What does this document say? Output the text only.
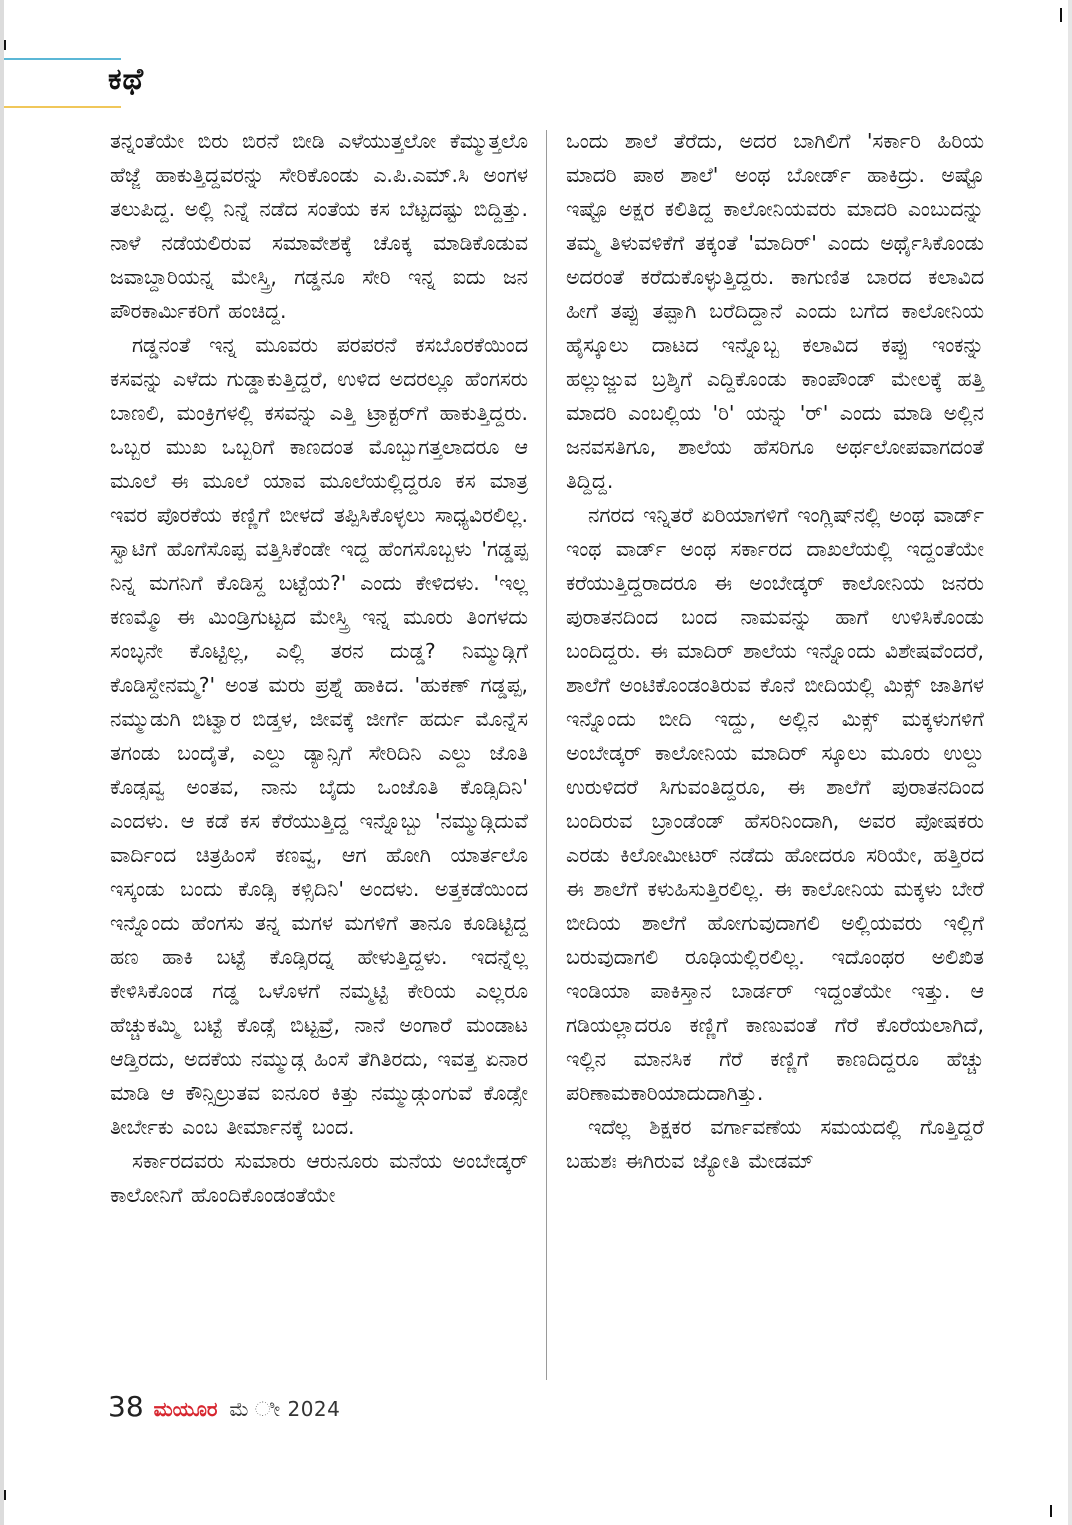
ಕಥೆ

ತನ್ನಂತೆಯೇ ಬಿರು ಬಿರನೆ ಬೀಡಿ ಎಳೆಯುತ್ತಲೋ ಕೆಮ್ಮುತ್ತಲೊ ಹೆಜ್ಜೆ ಹಾಕುತ್ತಿದ್ದವರನ್ನು ಸೇರಿಕೊಂಡು ಎ.ಪಿ.ಎಮ್.ಸಿ ಅಂಗಳ ತಲುಪಿದ್ದ. ಅಲ್ಲಿ ನಿನ್ನೆ ನಡೆದ ಸಂತೆಯ ಕಸ ಬೆಟ್ಟದಷ್ಟು ಬಿದ್ದಿತ್ತು. ನಾಳೆ ನಡೆಯಲಿರುವ ಸಮಾವೇಶಕ್ಕೆ ಚೊಕ್ಕ ಮಾಡಿಕೊಡುವ ಜವಾಬ್ದಾರಿಯನ್ನ ಮೇಸ್ತ್ರಿ, ಗಡ್ಡನೂ ಸೇರಿ ಇನ್ನ ಐದು ಜನ ಪೌರಕಾರ್ಮಿಕರಿಗೆ ಹಂಚಿದ್ದ.

ಗಡ್ಡನಂತೆ ಇನ್ನ ಮೂವರು ಪರಪರನೆ ಕಸಬೊರಕೆಯಿಂದ ಕಸವನ್ನು ಎಳೆದು ಗುಡ್ಡಾಕುತ್ತಿದ್ದರೆ, ಉಳಿದ ಅದರಲ್ಲೂ ಹೆಂಗಸರು ಬಾಣಲಿ, ಮಂಕ್ರಿಗಳಲ್ಲಿ ಕಸವನ್ನು ಎತ್ತಿ ಟ್ರಾಕ್ಟರ್‌ಗೆ ಹಾಕುತ್ತಿದ್ದರು. ಒಬ್ಬರ ಮುಖ ಒಬ್ಬರಿಗೆ ಕಾಣದಂತ ಮೊಬ್ಬುಗತ್ತಲಾದರೂ ಆ ಮೂಲೆ ಈ ಮೂಲೆ ಯಾವ ಮೂಲೆಯಲ್ಲಿದ್ದರೂ ಕಸ ಮಾತ್ರ ಇವರ ಪೊರಕೆಯ ಕಣ್ಣಿಗೆ ಬೀಳದೆ ತಪ್ಪಿಸಿಕೊಳ್ಳಲು ಸಾಧ್ಯವಿರಲಿಲ್ಲ. ಸ್ವಾಟಿಗೆ ಹೊಗೆಸೊಪ್ಪ ವತ್ತಿಸಿಕೆಂಡೇ ಇದ್ದ ಹೆಂಗಸೊಬ್ಬಳು 'ಗಡ್ಡಪ್ಪ ನಿನ್ನ ಮಗನಿಗೆ ಕೊಡಿಸ್ದ ಬಟ್ಟೆಯ?' ಎಂದು ಕೇಳಿದಳು. 'ಇಲ್ಲ ಕಣಮ್ಮೊ ಈ ಮಿಂಡ್ರಿಗುಟ್ಟದ ಮೇಸ್ತ್ರಿ ಇನ್ನ ಮೂರು ತಿಂಗಳದು ಸಂಬ್ಳನೇ ಕೊಟ್ಟಿಲ್ಲ, ಎಲ್ಲಿ ತರನ ದುಡ್ಡ? ನಿಮ್ಮುಡ್ಗಿಗೆ ಕೊಡಿಸ್ದೇನಮ್ಮ?' ಅಂತ ಮರು ಪ್ರಶ್ನೆ ಹಾಕಿದ. 'ಹುಕಣ್ ಗಡ್ಡಪ್ಪ, ನಮ್ಮುಡುಗಿ ಬಿಟ್ವಾರ ಬಿಡ್ತಳ, ಜೀವಕ್ಕೆ ಜೀರ್ಗೆ ಹರ್ದು ಮೊನ್ನೆಸ ತಗಂಡು ಬಂದೈತೆ, ಎಲ್ದು ಡ್ಯಾನ್ಸಿಗೆ ಸೇರಿದಿನಿ ಎಲ್ದು ಜೊತಿ ಕೊಡ್ಸವ್ವ ಅಂತವ, ನಾನು ಬೈದು ಒಂಜೊತಿ ಕೊಡ್ಸಿದಿನಿ' ಎಂದಳು. ಆ ಕಡೆ ಕಸ ಕೆರೆಯುತ್ತಿದ್ದ ಇನ್ನೊಬ್ಬು 'ನಮ್ಮುಡ್ಗಿದುವೆ ವಾರ್ದಿಂದ ಚಿತ್ರಹಿಂಸೆ ಕಣವ್ವ, ಆಗ ಹೋಗಿ ಯಾರ್ತಲೊ ಇಸ್ಕಂಡು ಬಂದು ಕೊಡ್ಸಿ ಕಳ್ಸಿದಿನಿ' ಅಂದಳು. ಅತ್ತಕಡೆಯಿಂದ ಇನ್ನೊಂದು ಹೆಂಗಸು ತನ್ನ ಮಗಳ ಮಗಳಿಗೆ ತಾನೂ ಕೂಡಿಟ್ಟಿದ್ದ ಹಣ ಹಾಕಿ ಬಟ್ಟೆ ಕೊಡ್ಸಿರದ್ನ ಹೇಳುತ್ತಿದ್ದಳು. ಇದನ್ನೆಲ್ಲ ಕೇಳಿಸಿಕೊಂಡ ಗಡ್ಡ ಒಳೊಳಗೆ ನಮ್ಮಟ್ಟಿ ಕೇರಿಯ ಎಲ್ಲರೂ ಹೆಚ್ಚುಕಮ್ಮಿ ಬಟ್ಟೆ ಕೊಡ್ಸೆ ಬಿಟ್ಟವ್ರೆ, ನಾನೆ ಅಂಗಾರೆ ಮಂಡಾಟ ಆಡ್ತಿರದು, ಅದಕೆಯ ನಮ್ಮುಡ್ಗ ಹಿಂಸೆ ತೆಗಿತಿರದು, ಇವತ್ತ ಏನಾರ ಮಾಡಿ ಆ ಕೌನ್ಸಿಲ್ರುತವ ಐನೂರ ಕಿತ್ತು ನಮ್ಮುಡ್ಗುಂಗುವೆ ಕೊಡ್ಸೇ ತೀರ್ಬೇಕು ಎಂಬ ತೀರ್ಮಾನಕ್ಕೆ ಬಂದ.

ಸರ್ಕಾರದವರು ಸುಮಾರು ಆರುನೂರು ಮನೆಯ ಅಂಬೇಡ್ಕರ್ ಕಾಲೋನಿಗೆ ಹೊಂದಿಕೊಂಡಂತೆಯೇ

ಒಂದು ಶಾಲೆ ತೆರೆದು, ಅದರ ಬಾಗಿಲಿಗೆ 'ಸರ್ಕಾರಿ ಹಿರಿಯ ಮಾದರಿ ಪಾಠ ಶಾಲೆ' ಅಂಥ ಬೋರ್ಡ್ ಹಾಕಿದ್ರು. ಅಷ್ಟೊ ಇಷ್ಟೊ ಅಕ್ಷರ ಕಲಿತಿದ್ದ ಕಾಲೋನಿಯವರು ಮಾದರಿ ಎಂಬುದನ್ನು ತಮ್ಮ ತಿಳುವಳಿಕೆಗೆ ತಕ್ಕಂತೆ 'ಮಾದಿರ್' ಎಂದು ಅರ್ಥೈಸಿಕೊಂಡು ಅದರಂತೆ ಕರೆದುಕೊಳ್ಳುತ್ತಿದ್ದರು. ಕಾಗುಣಿತ ಬಾರದ ಕಲಾವಿದ ಹೀಗೆ ತಪ್ಪು ತಪ್ಪಾಗಿ ಬರೆದಿದ್ದಾನೆ ಎಂದು ಬಗೆದ ಕಾಲೋನಿಯ ಹೈಸ್ಕೂಲು ದಾಟದ ಇನ್ನೊಬ್ಬ ಕಲಾವಿದ ಕಪ್ಪು ಇಂಕನ್ನು ಹಲ್ಲುಜ್ಜುವ ಬ್ರಶ್ಶಿಗೆ ಎದ್ದಿಕೊಂಡು ಕಾಂಪೌಂಡ್ ಮೇಲಕ್ಕೆ ಹತ್ತಿ ಮಾದರಿ ಎಂಬಲ್ಲಿಯ 'ರಿ' ಯನ್ನು 'ರ್' ಎಂದು ಮಾಡಿ ಅಲ್ಲಿನ ಜನವಸತಿಗೂ, ಶಾಲೆಯ ಹೆಸರಿಗೂ ಅರ್ಥಲೋಪವಾಗದಂತೆ ತಿದ್ದಿದ್ದ.

ನಗರದ ಇನ್ನಿತರೆ ಏರಿಯಾಗಳಿಗೆ ಇಂಗ್ಲಿಷ್‌ನಲ್ಲಿ ಅಂಥ ವಾರ್ಡ್ ಇಂಥ ವಾರ್ಡ್ ಅಂಥ ಸರ್ಕಾರದ ದಾಖಲೆಯಲ್ಲಿ ಇದ್ದಂತೆಯೇ ಕರೆಯುತ್ತಿದ್ದರಾದರೂ ಈ ಅಂಬೇಡ್ಕರ್ ಕಾಲೋನಿಯ ಜನರು ಪುರಾತನದಿಂದ ಬಂದ ನಾಮವನ್ನು ಹಾಗೆ ಉಳಿಸಿಕೊಂಡು ಬಂದಿದ್ದರು. ಈ ಮಾದಿರ್ ಶಾಲೆಯ ಇನ್ನೊಂದು ವಿಶೇಷವೆಂದರೆ, ಶಾಲೆಗೆ ಅಂಟಿಕೊಂಡಂತಿರುವ ಕೊನೆ ಬೀದಿಯಲ್ಲಿ ಮಿಕ್ಸ್ ಜಾತಿಗಳ ಇನ್ನೊಂದು ಬೀದಿ ಇದ್ದು, ಅಲ್ಲಿನ ಮಿಕ್ಸ್ ಮಕ್ಕಳುಗಳಿಗೆ ಅಂಬೇಡ್ಕರ್ ಕಾಲೋನಿಯ ಮಾದಿರ್ ಸ್ಕೂಲು ಮೂರು ಉಲ್ದು ಉರುಳಿದರೆ ಸಿಗುವಂತಿದ್ದರೂ, ಈ ಶಾಲೆಗೆ ಪುರಾತನದಿಂದ ಬಂದಿರುವ ಬ್ರಾಂಡೆಂಡ್ ಹೆಸರಿನಿಂದಾಗಿ, ಅವರ ಪೋಷಕರು ಎರಡು ಕಿಲೋಮೀಟರ್ ನಡೆದು ಹೋದರೂ ಸರಿಯೇ, ಹತ್ತಿರದ ಈ ಶಾಲೆಗೆ ಕಳುಹಿಸುತ್ತಿರಲಿಲ್ಲ. ಈ ಕಾಲೋನಿಯ ಮಕ್ಕಳು ಬೇರೆ ಬೀದಿಯ ಶಾಲೆಗೆ ಹೋಗುವುದಾಗಲಿ ಅಲ್ಲಿಯವರು ಇಲ್ಲಿಗೆ ಬರುವುದಾಗಲಿ ರೂಢಿಯಲ್ಲಿರಲಿಲ್ಲ. ಇದೊಂಥರ ಅಲಿಖಿತ ಇಂಡಿಯಾ ಪಾಕಿಸ್ತಾನ ಬಾರ್ಡರ್ ಇದ್ದಂತೆಯೇ ಇತ್ತು. ಆ ಗಡಿಯಲ್ಲಾದರೂ ಕಣ್ಣಿಗೆ ಕಾಣುವಂತೆ ಗೆರೆ ಕೊರೆಯಲಾಗಿದೆ, ಇಲ್ಲಿನ ಮಾನಸಿಕ ಗೆರೆ ಕಣ್ಣಿಗೆ ಕಾಣದಿದ್ದರೂ ಹೆಚ್ಚು ಪರಿಣಾಮಕಾರಿಯಾದುದಾಗಿತ್ತು.

ಇದೆಲ್ಲ ಶಿಕ್ಷಕರ ವರ್ಗಾವಣೆಯ ಸಮಯದಲ್ಲಿ ಗೊತ್ತಿದ್ದರೆ ಬಹುಶಃ ಈಗಿರುವ ಜ್ಯೋತಿ ಮೇಡಮ್

38 ಮಯೂರ ಮೆ ೀ 2024
